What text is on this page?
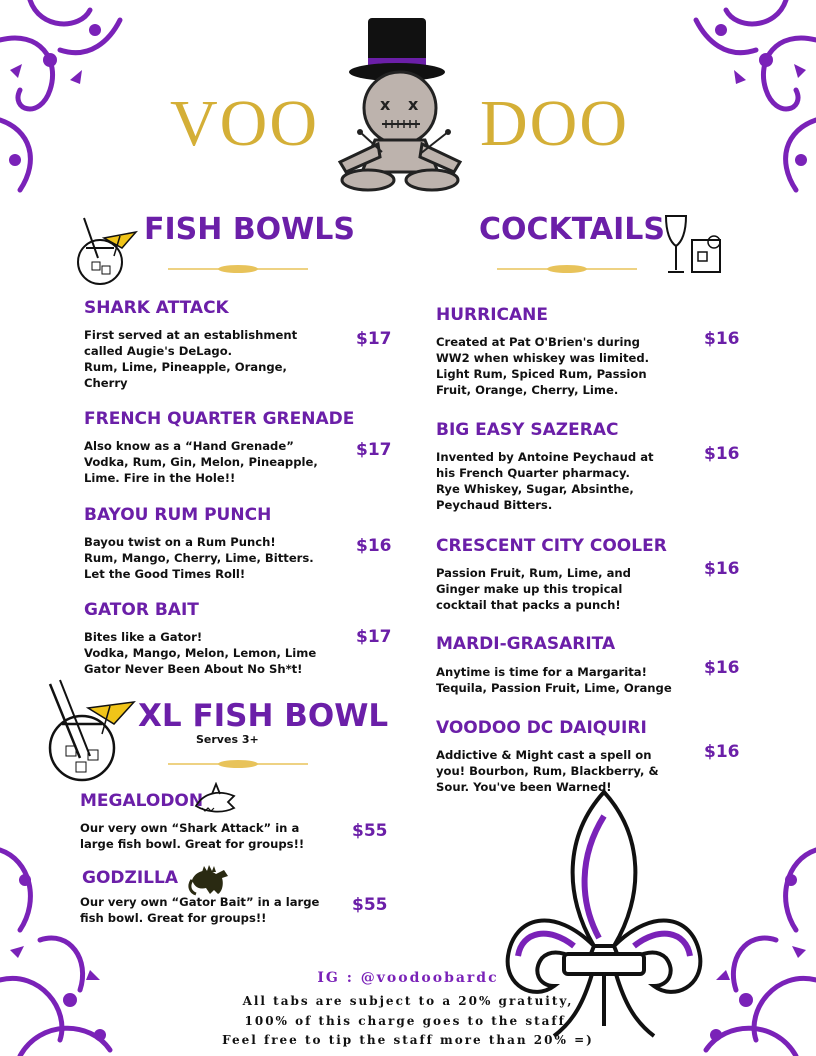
VOO DOO
x x
FISH BOWLS	COCKTAILS
SHARK ATTACK
First served at an establishment
called Augie's DeLago.
Rum, Lime, Pineapple, Orange,
Cherry
$17
FRENCH QUARTER GRENADE
Also know as a “Hand Grenade”
Vodka, Rum, Gin, Melon, Pineapple,
Lime. Fire in the Hole!!
$17
BAYOU RUM PUNCH
Bayou twist on a Rum Punch!
Rum, Mango, Cherry, Lime, Bitters.
Let the Good Times Roll!
$16
GATOR BAIT
Bites like a Gator!
Vodka, Mango, Melon, Lemon, Lime
Gator Never Been About No Sh*t!
$17
XL FISH BOWL
Serves 3+
MEGALODON
Our very own “Shark Attack” in a
large fish bowl. Great for groups!!
$55
GODZILLA
Our very own “Gator Bait” in a large
fish bowl. Great for groups!!
$55
HURRICANE
Created at Pat O'Brien's during
WW2 when whiskey was limited.
Light Rum, Spiced Rum, Passion
Fruit, Orange, Cherry, Lime.
$16
BIG EASY SAZERAC
Invented by Antoine Peychaud at
his French Quarter pharmacy.
Rye Whiskey, Sugar, Absinthe,
Peychaud Bitters.
$16
CRESCENT CITY COOLER
Passion Fruit, Rum, Lime, and
Ginger make up this tropical
cocktail that packs a punch!
$16
MARDI-GRASARITA
Anytime is time for a Margarita!
Tequila, Passion Fruit, Lime, Orange
$16
VOODOO DC DAIQUIRI
Addictive & Might cast a spell on
you! Bourbon, Rum, Blackberry, &
Sour. You've been Warned!
$16
IG : @voodoobardc
All tabs are subject to a 20% gratuity,
100% of this charge goes to the staff.
Feel free to tip the staff more than 20% =)
